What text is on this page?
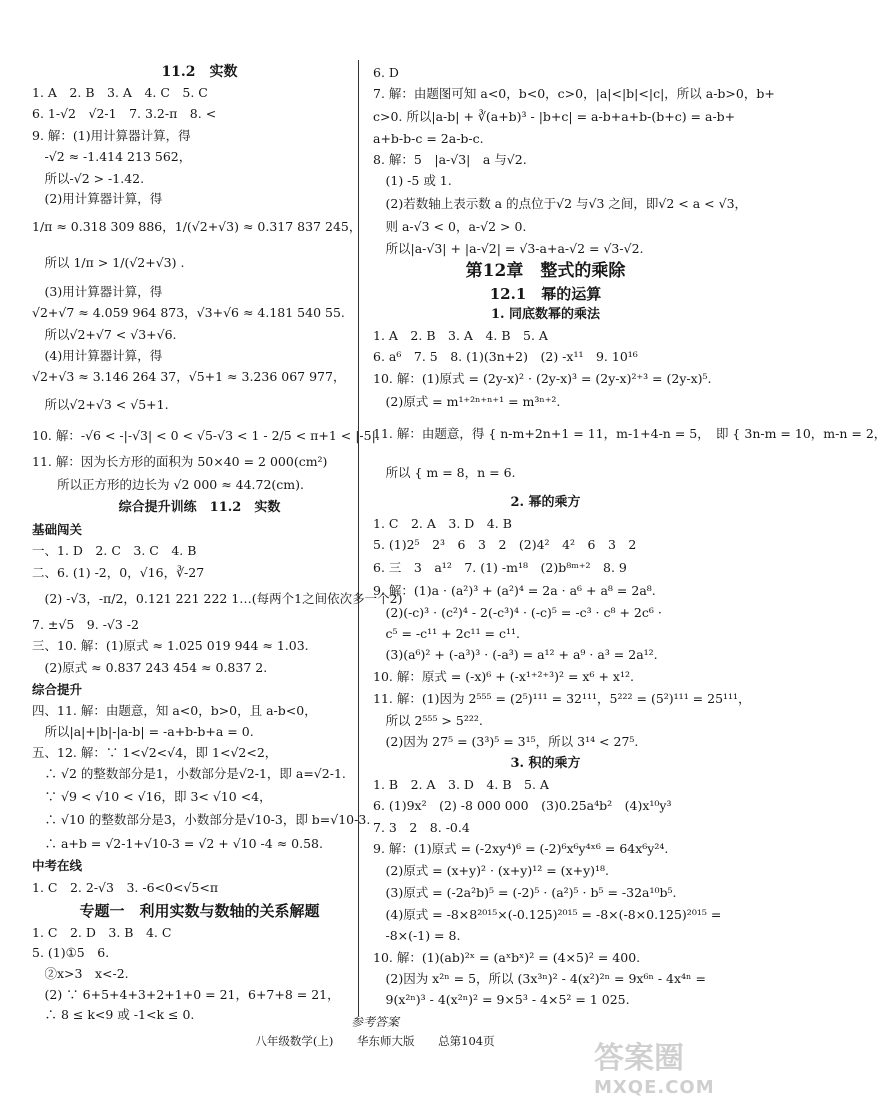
11.2　实数
1. A　2. B　3. A　4. C　5. C
6. 1-√2　√2-1　7. 3.2-π　8. <
9. 解：(1)用计算器计算，得
　-√2 ≈ -1.414 213 562，
　所以-√2 > -1.42.
　(2)用计算器计算，得
1/π ≈ 0.318 309 886，1/(√2+√3) ≈ 0.317 837 245，
　所以 1/π > 1/(√2+√3) .
　(3)用计算器计算，得
√2+√7 ≈ 4.059 964 873，√3+√6 ≈ 4.181 540 55.
　所以√2+√7 < √3+√6.
　(4)用计算器计算，得
√2+√3 ≈ 3.146 264 37，√5+1 ≈ 3.236 067 977，
　所以√2+√3 < √5+1.
10. 解：-√6 < -|-√3| < 0 < √5-√3 < 1 - 2/5 < π+1 < |-5|.
11. 解：因为长方形的面积为 50×40 = 2 000(cm²)
　　所以正方形的边长为 √2 000 ≈ 44.72(cm).
综合提升训练　11.2　实数
基础闯关
一、1. D　2. C　3. C　4. B
二、6. (1) -2，0，√16，∛-27
　(2) -√3，-π/2，0.121 221 222 1…(每两个1之间依次多一个2)
7. ±√5　9. -√3 -2
三、10. 解：(1)原式 ≈ 1.025 019 944 ≈ 1.03.
　(2)原式 ≈ 0.837 243 454 ≈ 0.837 2.
综合提升
四、11. 解：由题意，知 a<0，b>0，且 a-b<0，
　所以|a|+|b|-|a-b| = -a+b-b+a = 0.
五、12. 解：∵ 1<√2<√4，即 1<√2<2，
　∴ √2 的整数部分是1，小数部分是√2-1，即 a=√2-1.
　∵ √9 < √10 < √16，即 3< √10 <4，
　∴ √10 的整数部分是3，小数部分是√10-3，即 b=√10-3.
　∴ a+b = √2-1+√10-3 = √2 + √10 -4 ≈ 0.58.
中考在线
1. C　2. 2-√3　3. -6<0<√5<π
专题一　利用实数与数轴的关系解题
1. C　2. D　3. B　4. C
5. (1)①5　6.
　②x>3　x<-2.
　(2) ∵ 6+5+4+3+2+1+0 = 21，6+7+8 = 21，
　∴ 8 ≤ k<9 或 -1<k ≤ 0.
6. D
7. 解：由题图可知 a<0，b<0，c>0，|a|<|b|<|c|，所以 a-b>0，b+
c>0. 所以|a-b| + ∛(a+b)³ - |b+c| = a-b+a+b-(b+c) = a-b+
a+b-b-c = 2a-b-c.
8. 解：5　|a-√3|　a 与√2.
　(1) -5 或 1.
　(2)若数轴上表示数 a 的点位于√2 与√3 之间，即√2 < a < √3，
　则 a-√3 < 0，a-√2 > 0.
　所以|a-√3| + |a-√2| = √3-a+a-√2 = √3-√2.
第12章　整式的乘除
12.1　幂的运算
1. 同底数幂的乘法
1. A　2. B　3. A　4. B　5. A
6. a⁶　7. 5　8. (1)(3n+2)　(2) -x¹¹　9. 10¹⁶
10. 解：(1)原式 = (2y-x)² · (2y-x)³ = (2y-x)²⁺³ = (2y-x)⁵.
　(2)原式 = m¹⁺²ⁿ⁺ⁿ⁺¹ = m³ⁿ⁺².
11. 解：由题意，得 { n-m+2n+1 = 11，m-1+4-n = 5，　即 { 3n-m = 10，m-n = 2，
　所以 { m = 8，n = 6.
2. 幂的乘方
1. C　2. A　3. D　4. B
5. (1)2⁵　2³　6　3　2　(2)4²　4²　6　3　2
6. 三　3　a¹²　7. (1) -m¹⁸　(2)b⁸ᵐ⁺²　8. 9
9. 解：(1)a · (a²)³ + (a²)⁴ = 2a · a⁶ + a⁸ = 2a⁸.
　(2)(-c)³ · (c²)⁴ - 2(-c³)⁴ · (-c)⁵ = -c³ · c⁸ + 2c⁶ ·
　c⁵ = -c¹¹ + 2c¹¹ = c¹¹.
　(3)(a⁶)² + (-a³)³ · (-a³) = a¹² + a⁹ · a³ = 2a¹².
10. 解：原式 = (-x)⁶ + (-x¹⁺²⁺³)² = x⁶ + x¹².
11. 解：(1)因为 2⁵⁵⁵ = (2⁵)¹¹¹ = 32¹¹¹，5²²² = (5²)¹¹¹ = 25¹¹¹，
　所以 2⁵⁵⁵ > 5²²².
　(2)因为 27⁵ = (3³)⁵ = 3¹⁵，所以 3¹⁴ < 27⁵.
3. 积的乘方
1. B　2. A　3. D　4. B　5. A
6. (1)9x²　(2) -8 000 000　(3)0.25a⁴b²　(4)x¹⁰y³
7. 3　2　8. -0.4
9. 解：(1)原式 = (-2xy⁴)⁶ = (-2)⁶x⁶y⁴ˣ⁶ = 64x⁶y²⁴.
　(2)原式 = (x+y)² · (x+y)¹² = (x+y)¹⁸.
　(3)原式 = (-2a²b)⁵ = (-2)⁵ · (a²)⁵ · b⁵ = -32a¹⁰b⁵.
　(4)原式 = -8×8²⁰¹⁵×(-0.125)²⁰¹⁵ = -8×(-8×0.125)²⁰¹⁵ =
　-8×(-1) = 8.
10. 解：(1)(ab)²ˣ = (aˣbˣ)² = (4×5)² = 400.
　(2)因为 x²ⁿ = 5，所以 (3x³ⁿ)² - 4(x²)²ⁿ = 9x⁶ⁿ - 4x⁴ⁿ =
　9(x²ⁿ)³ - 4(x²ⁿ)² = 9×5³ - 4×5² = 1 025.
参考答案
八年级数学(上) 华东师大版 总第104页	答案圈
MXQE.COM
